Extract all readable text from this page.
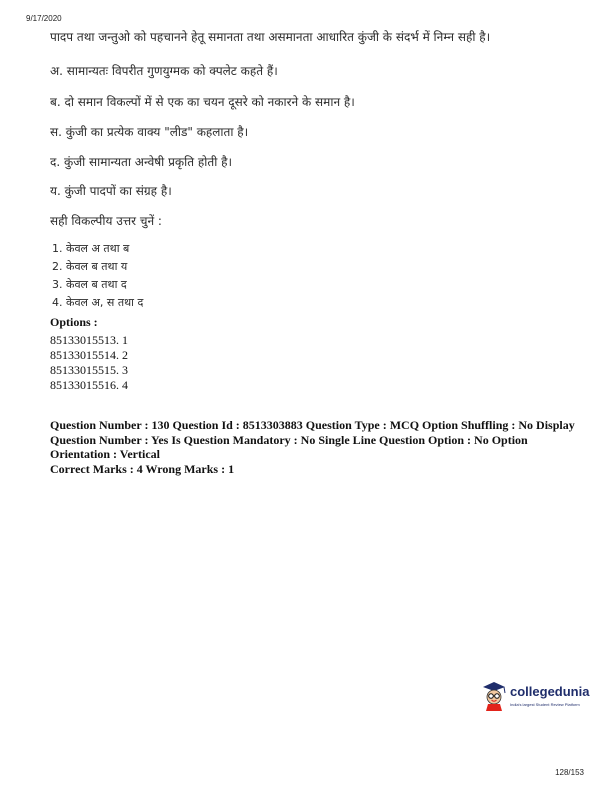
9/17/2020
पादप तथा जन्तुओ को पहचानने हेतू समानता तथा असमानता आधारित कुंजी के संदर्भ में निम्न सही है।
अ. सामान्यतः विपरीत गुणयुग्मक को क्पलेट कहते हैं।
ब. दो समान विकल्पों में से एक का चयन दूसरे को नकारने के समान है।
स. कुंजी का प्रत्येक वाक्य "लीड" कहलाता है।
द. कुंजी सामान्यता अन्वेषी प्रकृति होती है।
य. कुंजी पादपों का संग्रह है।
सही विकल्पीय उत्तर चुनें :
1. केवल अ तथा ब
2. केवल ब तथा य
3. केवल ब तथा द
4. केवल अ, स तथा द
Options :
85133015513. 1
85133015514. 2
85133015515. 3
85133015516. 4
Question Number : 130 Question Id : 8513303883 Question Type : MCQ Option Shuffling : No Display Question Number : Yes Is Question Mandatory : No Single Line Question Option : No Option Orientation : Vertical
Correct Marks : 4 Wrong Marks : 1
collegedunia
India's largest Student Review Platform
128/153
